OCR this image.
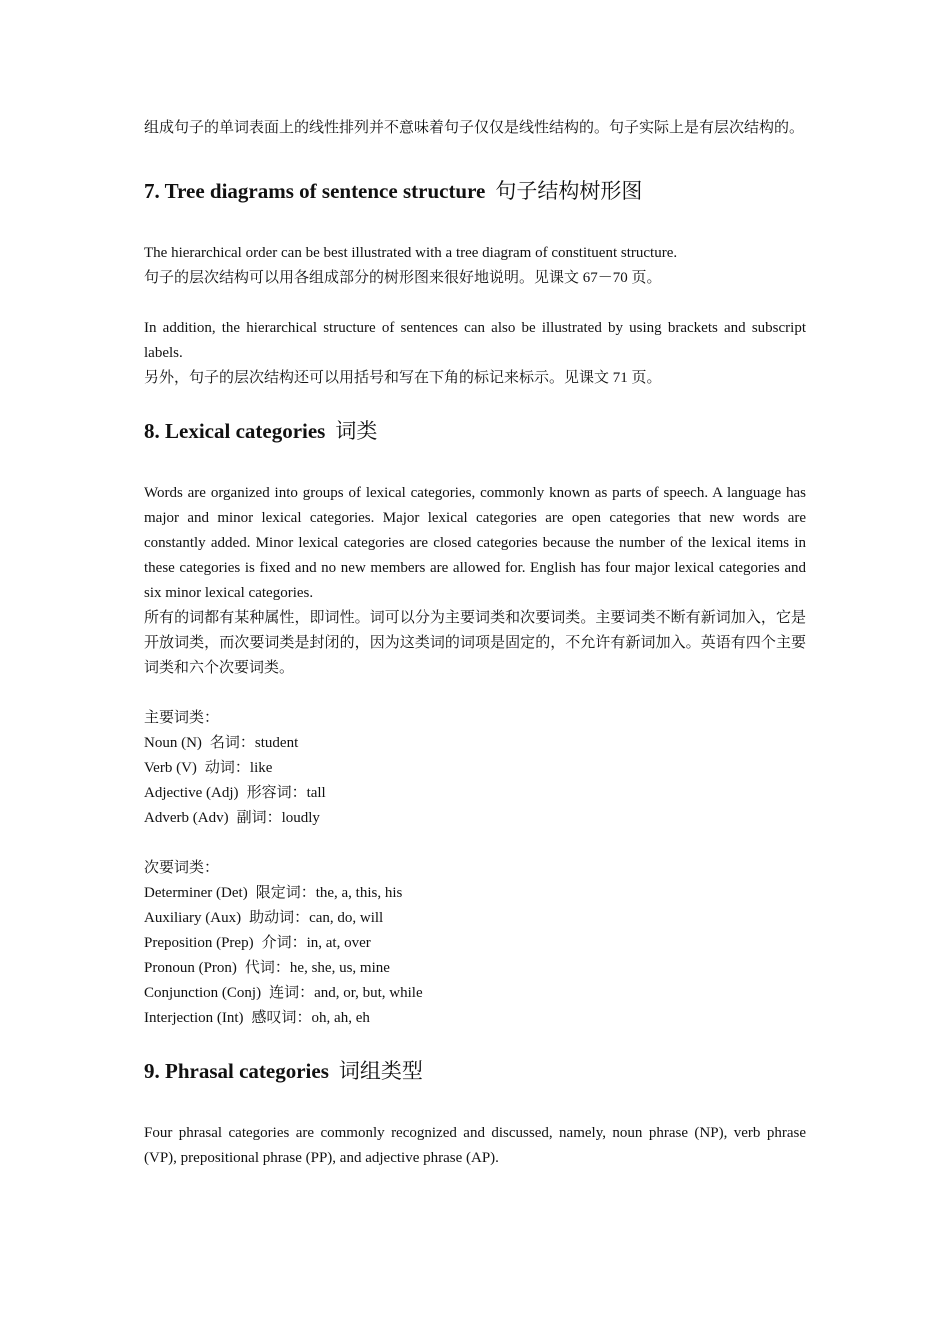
组成句子的单词表面上的线性排列并不意味着句子仅仅是线性结构的。句子实际上是有层次结构的。

7. Tree diagrams of sentence structure 句子结构树形图

The hierarchical order can be best illustrated with a tree diagram of constituent structure.

句子的层次结构可以用各组成部分的树形图来很好地说明。见课文 67－70 页。

In addition, the hierarchical structure of sentences can also be illustrated by using brackets and subscript labels.

另外，句子的层次结构还可以用括号和写在下角的标记来标示。见课文 71 页。

8. Lexical categories 词类

Words are organized into groups of lexical categories, commonly known as parts of speech. A language has major and minor lexical categories. Major lexical categories are open categories that new words are constantly added. Minor lexical categories are closed categories because the number of the lexical items in these categories is fixed and no new members are allowed for. English has four major lexical categories and six minor lexical categories.

所有的词都有某种属性，即词性。词可以分为主要词类和次要词类。主要词类不断有新词加入，它是开放词类，而次要词类是封闭的，因为这类词的词项是固定的，不允许有新词加入。英语有四个主要词类和六个次要词类。

主要词类：

Noun (N) 名词：student
Verb (V) 动词：like
Adjective (Adj) 形容词：tall
Adverb (Adv) 副词：loudly

次要词类：

Determiner (Det) 限定词：the, a, this, his
Auxiliary (Aux) 助动词：can, do, will
Preposition (Prep) 介词：in, at, over
Pronoun (Pron) 代词：he, she, us, mine
Conjunction (Conj) 连词：and, or, but, while
Interjection (Int) 感叹词：oh, ah, eh
9. Phrasal categories 词组类型

Four phrasal categories are commonly recognized and discussed, namely, noun phrase (NP), verb phrase (VP), prepositional phrase (PP), and adjective phrase (AP).
